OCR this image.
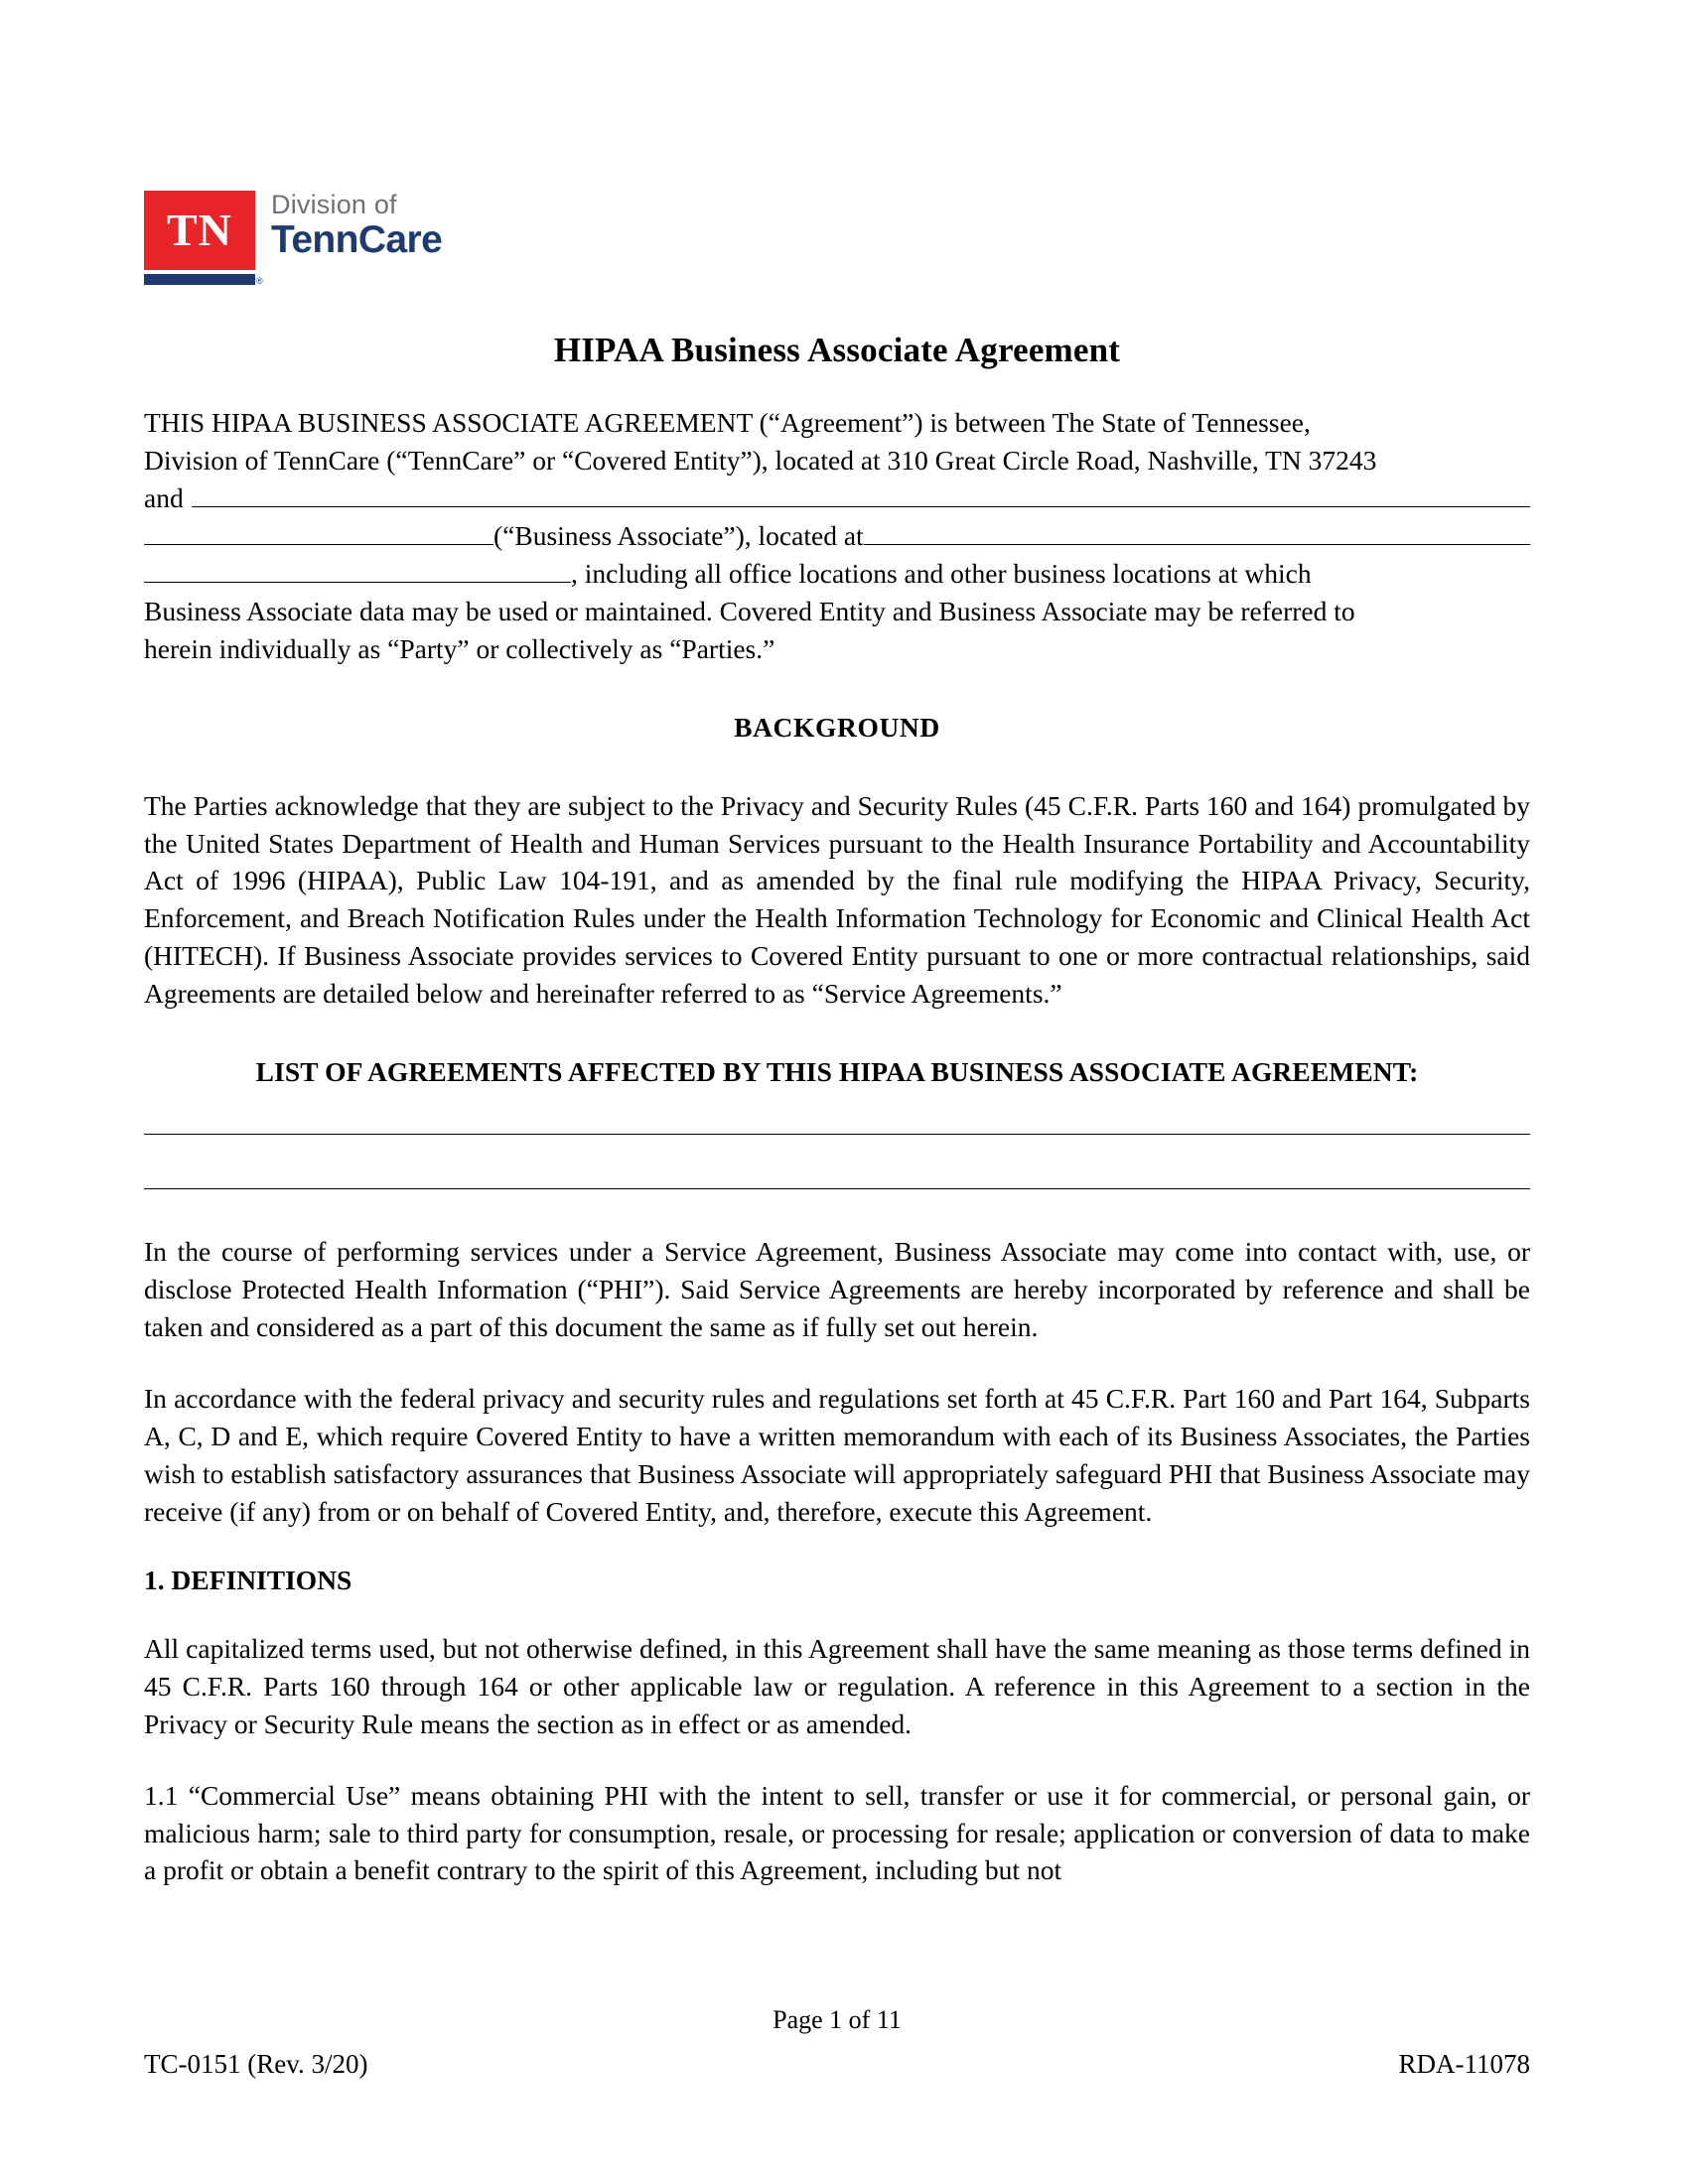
TN
®
Division of
TennCare
HIPAA Business Associate Agreement

THIS HIPAA BUSINESS ASSOCIATE AGREEMENT (“Agreement”) is between The State of Tennessee,

Division of TennCare (“TennCare” or “Covered Entity”), located at 310 Great Circle Road, Nashville, TN 37243

and
(“Business Associate”), located at
, including all office locations and other business locations at which

Business Associate data may be used or maintained. Covered Entity and Business Associate may be referred to

herein individually as “Party” or collectively as “Parties.”

BACKGROUND

The Parties acknowledge that they are subject to the Privacy and Security Rules (45 C.F.R. Parts 160 and 164) promulgated by the United States Department of Health and Human Services pursuant to the Health Insurance Portability and Accountability Act of 1996 (HIPAA), Public Law 104-191, and as amended by the final rule modifying the HIPAA Privacy, Security, Enforcement, and Breach Notification Rules under the Health Information Technology for Economic and Clinical Health Act (HITECH). If Business Associate provides services to Covered Entity pursuant to one or more contractual relationships, said Agreements are detailed below and hereinafter referred to as “Service Agreements.”

LIST OF AGREEMENTS AFFECTED BY THIS HIPAA BUSINESS ASSOCIATE AGREEMENT:

In the course of performing services under a Service Agreement, Business Associate may come into contact with, use, or disclose Protected Health Information (“PHI”). Said Service Agreements are hereby incorporated by reference and shall be taken and considered as a part of this document the same as if fully set out herein.

In accordance with the federal privacy and security rules and regulations set forth at 45 C.F.R. Part 160 and Part 164, Subparts A, C, D and E, which require Covered Entity to have a written memorandum with each of its Business Associates, the Parties wish to establish satisfactory assurances that Business Associate will appropriately safeguard PHI that Business Associate may receive (if any) from or on behalf of Covered Entity, and, therefore, execute this Agreement.

1. DEFINITIONS

All capitalized terms used, but not otherwise defined, in this Agreement shall have the same meaning as those terms defined in 45 C.F.R. Parts 160 through 164 or other applicable law or regulation. A reference in this Agreement to a section in the Privacy or Security Rule means the section as in effect or as amended.

1.1 “Commercial Use” means obtaining PHI with the intent to sell, transfer or use it for commercial, or personal gain, or malicious harm; sale to third party for consumption, resale, or processing for resale; application or conversion of data to make a profit or obtain a benefit contrary to the spirit of this Agreement, including but not

Page 1 of 11

TC-0151 (Rev. 3/20)	RDA-11078
